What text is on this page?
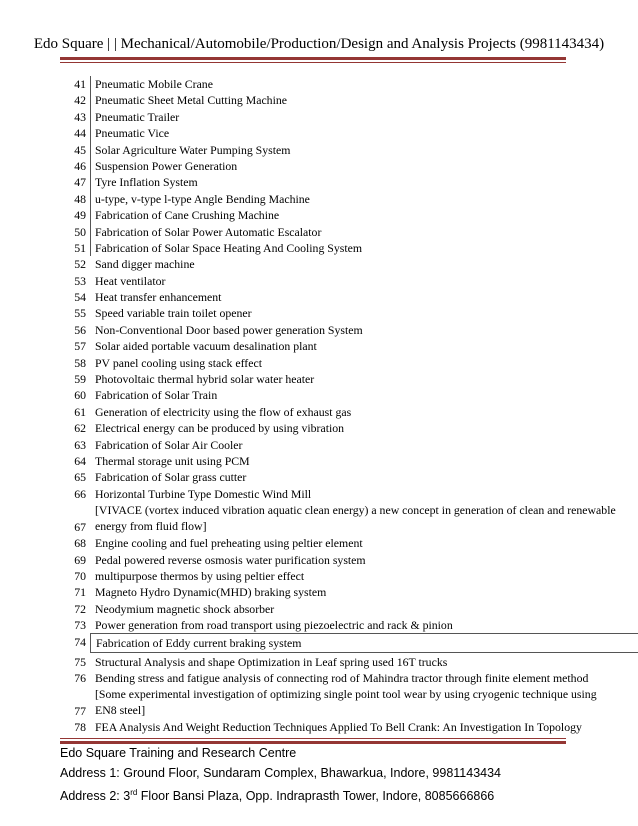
Edo Square | | Mechanical/Automobile/Production/Design and Analysis Projects (9981143434)
41 Pneumatic Mobile Crane
42 Pneumatic Sheet Metal Cutting Machine
43 Pneumatic Trailer
44 Pneumatic Vice
45 Solar Agriculture Water Pumping System
46 Suspension Power Generation
47 Tyre Inflation System
48 u-type, v-type l-type Angle Bending Machine
49 Fabrication of Cane Crushing Machine
50 Fabrication of Solar Power Automatic Escalator
51 Fabrication of Solar Space Heating And Cooling System
52 Sand digger machine
53 Heat ventilator
54 Heat transfer enhancement
55 Speed variable train toilet opener
56 Non-Conventional Door based power generation System
57 Solar aided portable vacuum desalination plant
58 PV panel cooling using stack effect
59 Photovoltaic thermal hybrid solar water heater
60 Fabrication of Solar Train
61 Generation of electricity using the flow of exhaust gas
62 Electrical energy can be produced by using vibration
63 Fabrication of Solar Air Cooler
64 Thermal storage unit using PCM
65 Fabrication of Solar grass cutter
66 Horizontal Turbine Type Domestic Wind Mill
67
[VIVACE (vortex induced vibration aquatic clean energy) a new concept in generation of clean and renewable energy from fluid flow]
68 Engine cooling and fuel preheating using peltier element
69 Pedal powered reverse osmosis water purification system
70 multipurpose thermos by using peltier effect
71 Magneto Hydro Dynamic(MHD) braking system
72 Neodymium magnetic shock absorber
73 Power generation from road transport using piezoelectric and rack & pinion
74 Fabrication of Eddy current braking system
75 Structural Analysis and shape Optimization in Leaf spring used 16T trucks
76 Bending stress and fatigue analysis of connecting rod of Mahindra tractor through finite element method
77
[Some experimental investigation of optimizing single point tool wear by using cryogenic technique using EN8 steel]
78 FEA Analysis And Weight Reduction Techniques Applied To Bell Crank: An Investigation In Topology
Edo Square Training and Research Centre
Address 1: Ground Floor, Sundaram Complex, Bhawarkua, Indore, 9981143434
Address 2: 3rd Floor Bansi Plaza, Opp. Indraprasth Tower, Indore, 8085666866
